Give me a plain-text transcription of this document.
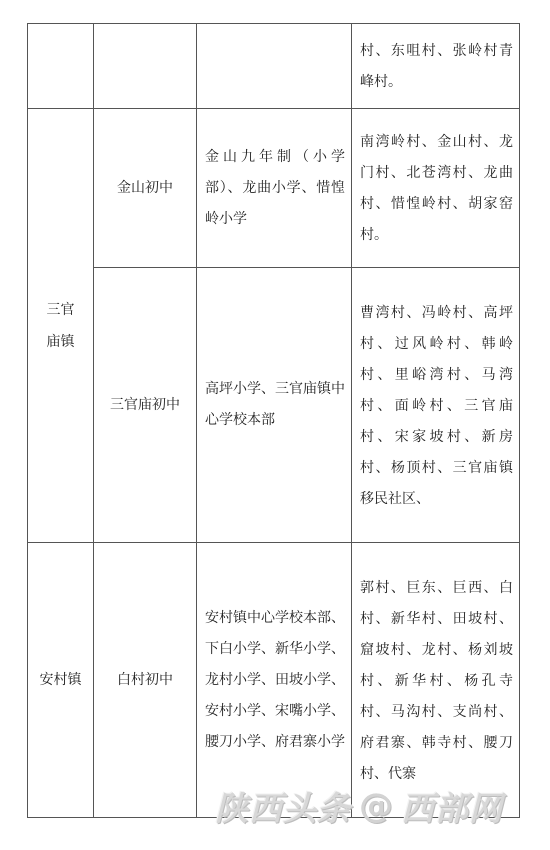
			村、东咀村、张岭村青峰村。
三官庙镇	金山初中	金山九年制（小学部）、龙曲小学、惜惶岭小学	南湾岭村、金山村、龙门村、北苍湾村、龙曲村、惜惶岭村、胡家窑村。
	三官庙初中	高坪小学、三官庙镇中心学校本部	曹湾村、冯岭村、高坪村、过风岭村、韩岭村、里峪湾村、马湾村、面岭村、三官庙村、宋家坡村、新房村、杨顶村、三官庙镇移民社区、
安村镇	白村初中	安村镇中心学校本部、下白小学、新华小学、龙村小学、田坡小学、安村小学、宋嘴小学、腰刀小学、府君寨小学	郭村、巨东、巨西、白村、新华村、田坡村、窟坡村、龙村、杨刘坡村、新华村、杨孔寺村、马沟村、支尚村、府君寨、韩寺村、腰刀村、代寨
陕西头条 @ 西部网
